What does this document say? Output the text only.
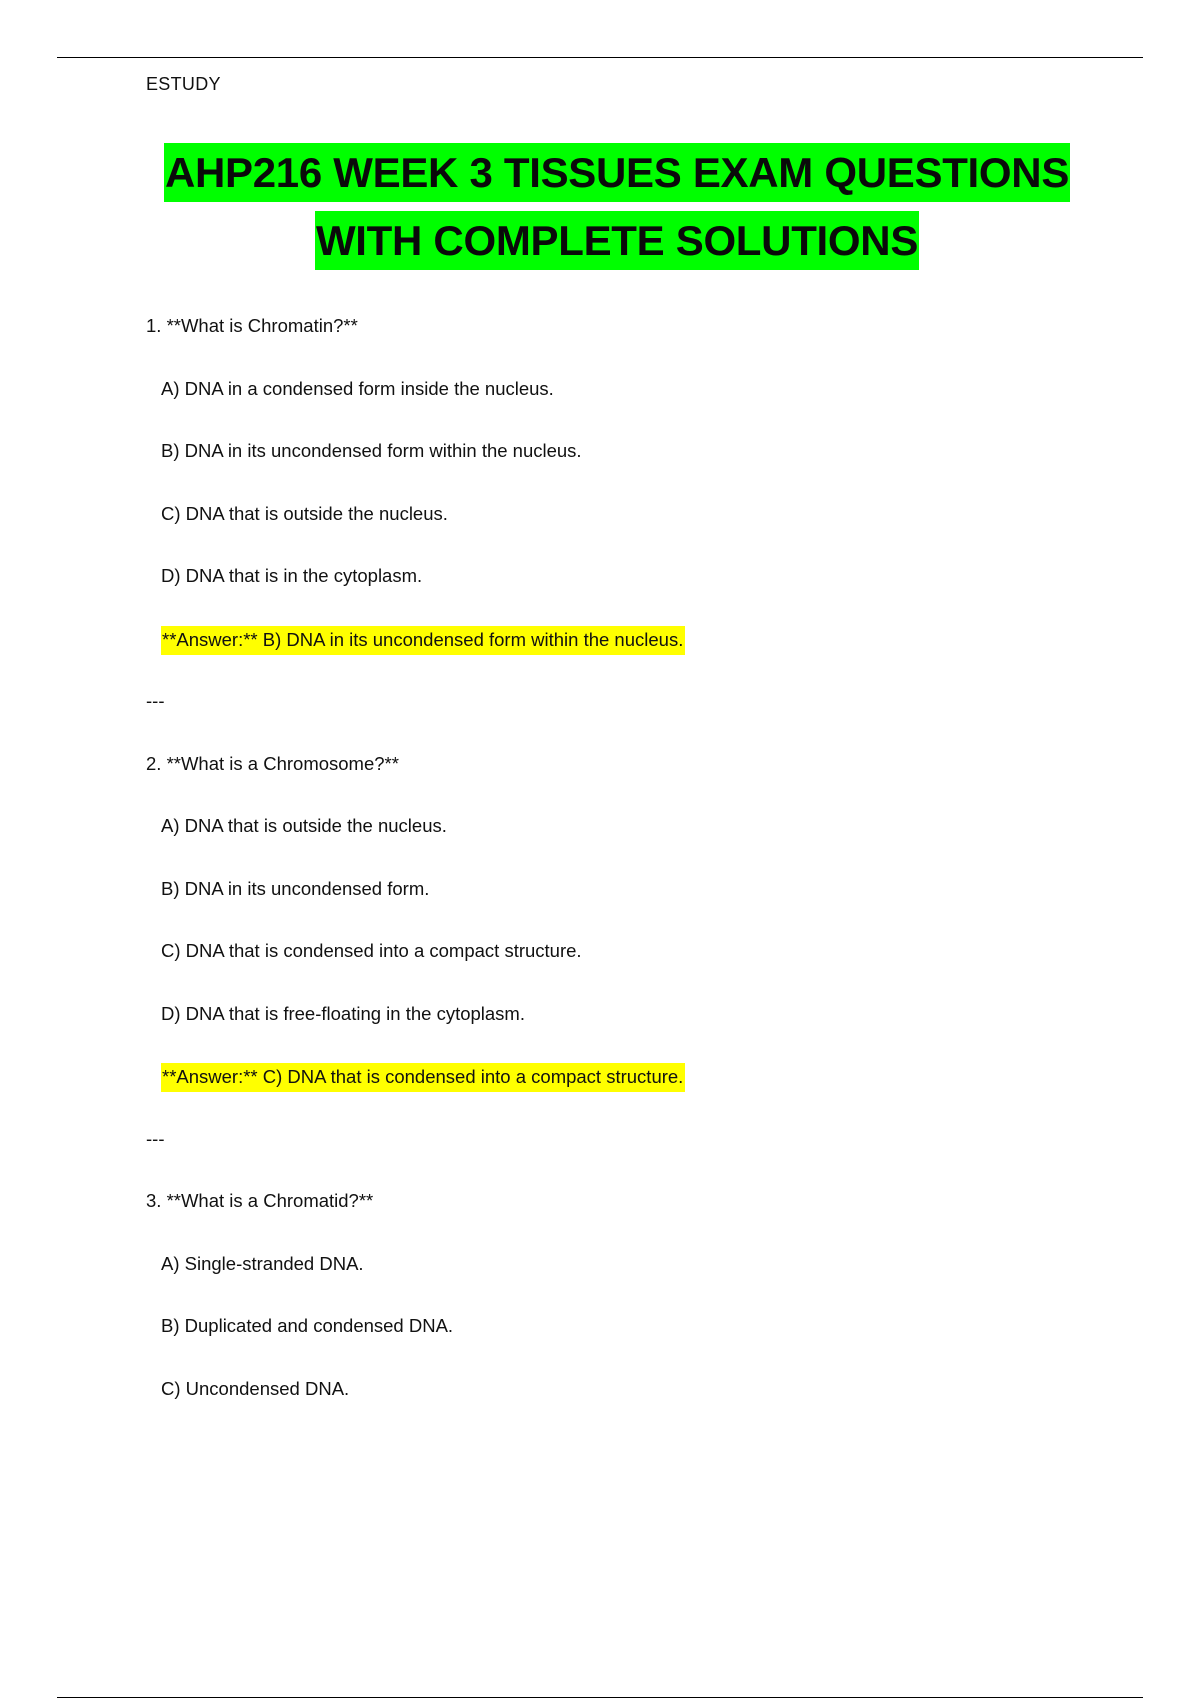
ESTUDY
AHP216 WEEK 3 TISSUES EXAM QUESTIONS
WITH COMPLETE SOLUTIONS
1. **What is Chromatin?**
A) DNA in a condensed form inside the nucleus.
B) DNA in its uncondensed form within the nucleus.
C) DNA that is outside the nucleus.
D) DNA that is in the cytoplasm.
**Answer:** B) DNA in its uncondensed form within the nucleus.
---
2. **What is a Chromosome?**
A) DNA that is outside the nucleus.
B) DNA in its uncondensed form.
C) DNA that is condensed into a compact structure.
D) DNA that is free-floating in the cytoplasm.
**Answer:** C) DNA that is condensed into a compact structure.
---
3. **What is a Chromatid?**
A) Single-stranded DNA.
B) Duplicated and condensed DNA.
C) Uncondensed DNA.
